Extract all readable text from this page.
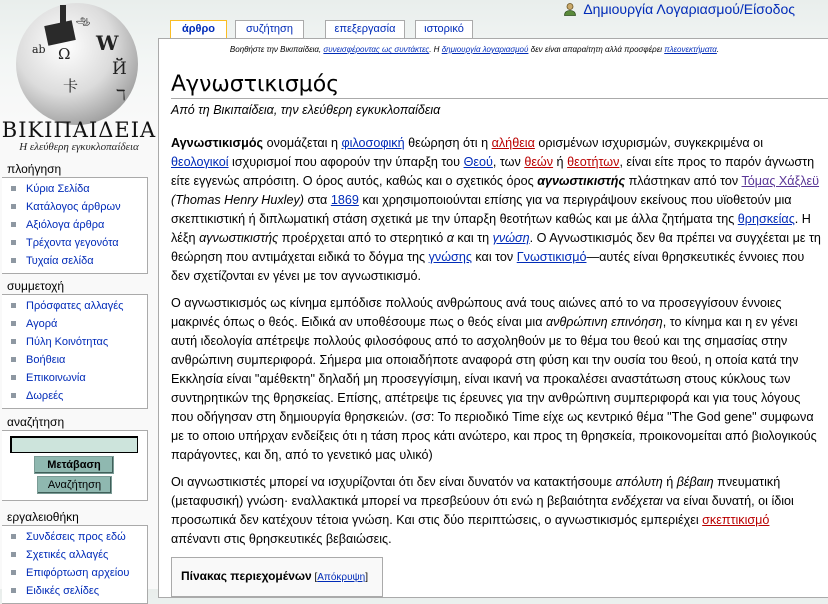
W
Ω
Й
卡
ab
ℸ
ஆ
ΒΙΚΙΠΑΙΔΕΙΑ
Η ελεύθερη εγκυκλοπαίδεια
Δημιουργία Λογαριασμού/Είσοδος
άρθρο	συζήτηση	επεξεργασία	ιστορικό
Βοηθήστε την Βικιπαίδεια, συνεισφέροντας ως συντάκτες. Η δημιουργία λογαριασμού δεν είναι απαραίτητη αλλά προσφέρει πλεονεκτήματα.
Αγνωστικισμός
Από τη Βικιπαίδεια, την ελεύθερη εγκυκλοπαίδεια

Αγνωστικισμός ονομάζεται η φιλοσοφική θεώρηση ότι η αλήθεια ορισμένων ισχυρισμών, συγκεκριμένα οι θεολογικοί ισχυρισμοί που αφορούν την ύπαρξη του Θεού, των θεών ή θεοτήτων, είναι είτε προς το παρόν άγνωστη είτε εγγενώς απρόσιτη. Ο όρος αυτός, καθώς και ο σχετικός όρος αγνωστικιστής πλάστηκαν από τον Τόμας Χάξλεϋ (Thomas Henry Huxley) στα 1869 και χρησιμοποιούνται επίσης για να περιγράψουν εκείνους που υϊοθετούν μια σκεπτικιστική ή διπλωματική στάση σχετικά με την ύπαρξη θεοτήτων καθώς και με άλλα ζητήματα της θρησκείας. Η λέξη αγνωστικιστής προέρχεται από το στερητικό α και τη γνώση. Ο Αγνωστικισμός δεν θα πρέπει να συγχέεται με τη θεώρηση που αντιμάχεται ειδικά το δόγμα της γνώσης και τον Γνωστικισμό—αυτές είναι θρησκευτικές έννοιες που δεν σχετίζονται εν γένει με τον αγνωστικισμό.

Ο αγνωστικισμός ως κίνημα εμπόδισε πολλούς ανθρώπους ανά τους αιώνες από το να προσεγγίσουν έννοιες μακρινές όπως ο θεός. Ειδικά αν υποθέσουμε πως ο θεός είναι μια ανθρώπινη επινόηση, το κίνημα και η εν γένει αυτή ιδεολογία απέτρεψε πολλούς φιλοσόφους από το ασχοληθούν με το θέμα του θεού και της σημασίας στην ανθρώπινη συμπεριφορά. Σήμερα μια οποιαδήποτε αναφορά στη φύση και την ουσία του θεού, η οποία κατά την Εκκλησία είναι "αμέθεκτη" δηλαδή μη προσεγγίσιμη, είναι ικανή να προκαλέσει αναστάτωση στους κύκλους των συντηρητικών της θρησκείας. Επίσης, απέτρεψε τις έρευνες για την ανθρώπινη συμπεριφορά και για τους λόγους που οδήγησαν στη δημιουργία θρησκειών. (σσ: Το περιοδικό Time είχε ως κεντρικό θέμα "The God gene" συμφωνα με το οποιο υπήρχαν ενδείξεις ότι η τάση προς κάτι ανώτερο, και προς τη θρησκεία, προικονομείται από βιολογικούς παράγοντες, και δη, από το γενετικό μας υλικό)

Οι αγνωστικιστές μπορεί να ισχυρίζονται ότι δεν είναι δυνατόν να κατακτήσουμε απόλυτη ή βέβαιη πνευματική (μεταφυσική) γνώση· εναλλακτικά μπορεί να πρεσβεύουν ότι ενώ η βεβαιότητα ενδέχεται να είναι δυνατή, οι ίδιοι προσωπικά δεν κατέχουν τέτοια γνώση. Και στις δύο περιπτώσεις, ο αγνωστικισμός εμπεριέχει σκεπτικισμό απέναντι στις θρησκευτικές βεβαιώσεις.

Πίνακας περιεχομένων [Απόκρυψη]
πλοήγηση
Κύρια Σελίδα
Κατάλογος άρθρων
Αξιόλογα άρθρα
Τρέχοντα γεγονότα
Τυχαία σελίδα
συμμετοχή
Πρόσφατες αλλαγές
Αγορά
Πύλη Κοινότητας
Βοήθεια
Επικοινωνία
Δωρεές
αναζήτηση
Μετάβαση
Αναζήτηση
εργαλειοθήκη
Συνδέσεις προς εδώ
Σχετικές αλλαγές
Επιφόρτωση αρχείου
Ειδικές σελίδες
